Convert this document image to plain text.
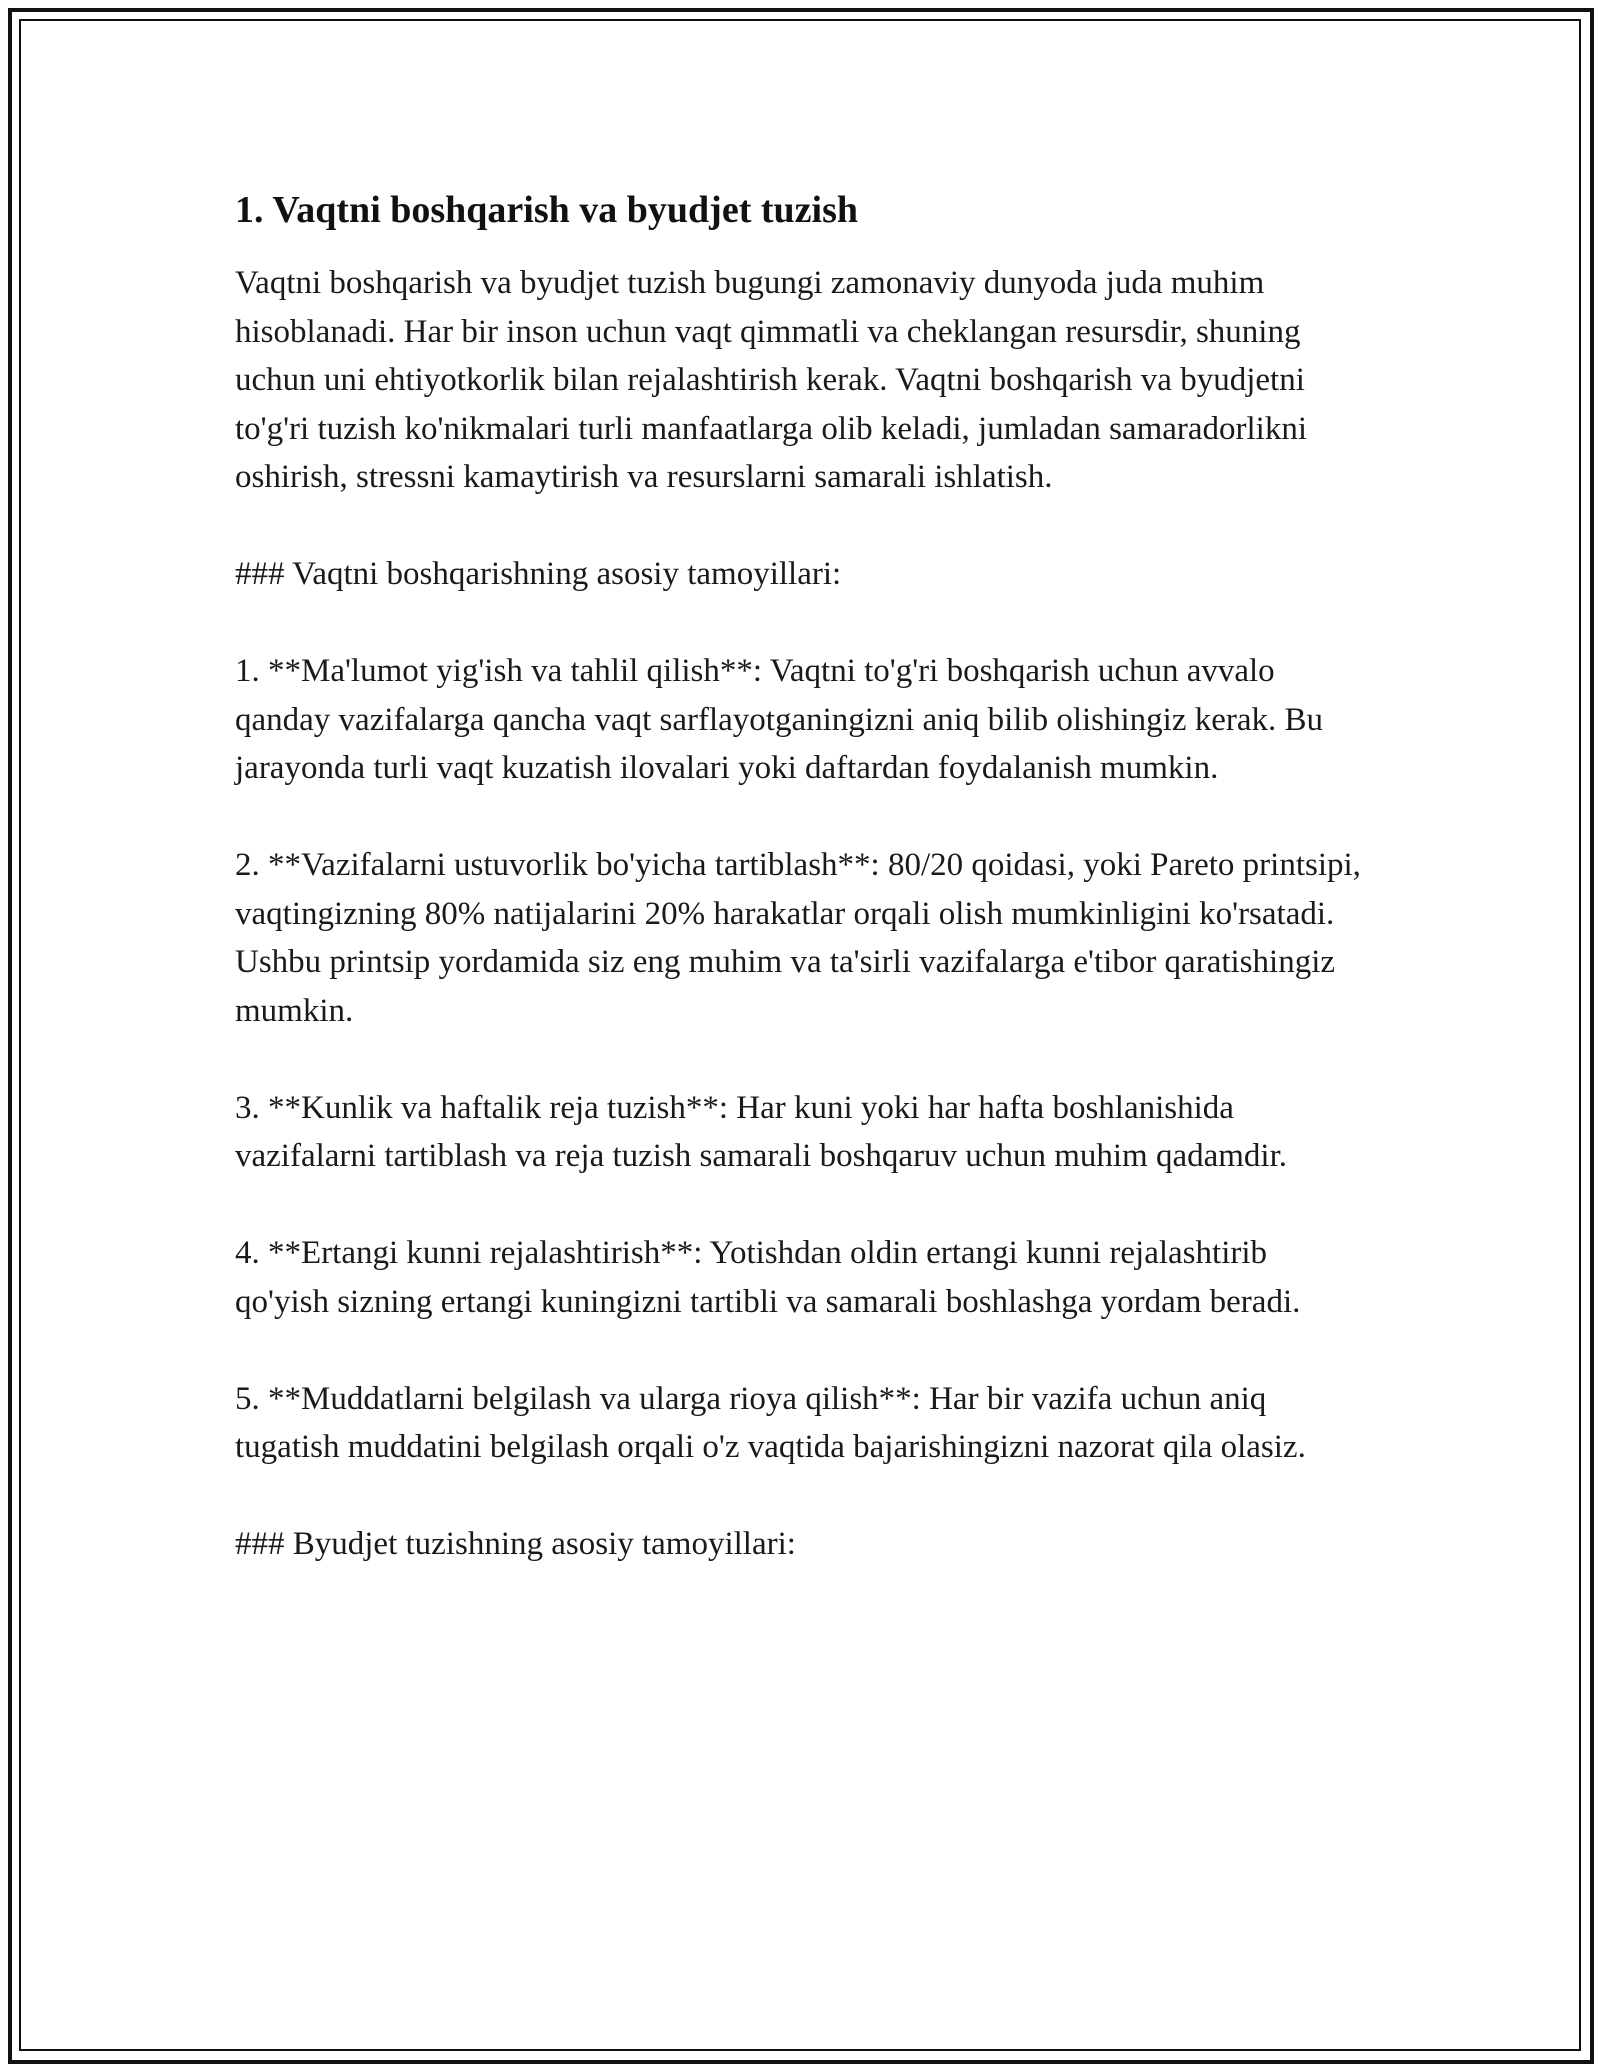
1. Vaqtni boshqarish va byudjet tuzish

Vaqtni boshqarish va byudjet tuzish bugungi zamonaviy dunyoda juda muhim hisoblanadi. Har bir inson uchun vaqt qimmatli va cheklangan resursdir, shuning uchun uni ehtiyotkorlik bilan rejalashtirish kerak. Vaqtni boshqarish va byudjetni to'g'ri tuzish ko'nikmalari turli manfaatlarga olib keladi, jumladan samaradorlikni oshirish, stressni kamaytirish va resurslarni samarali ishlatish.

### Vaqtni boshqarishning asosiy tamoyillari:

1. **Ma'lumot yig'ish va tahlil qilish**: Vaqtni to'g'ri boshqarish uchun avvalo qanday vazifalarga qancha vaqt sarflayotganingizni aniq bilib olishingiz kerak. Bu jarayonda turli vaqt kuzatish ilovalari yoki daftardan foydalanish mumkin.

2. **Vazifalarni ustuvorlik bo'yicha tartiblash**: 80/20 qoidasi, yoki Pareto printsipi, vaqtingizning 80% natijalarini 20% harakatlar orqali olish mumkinligini ko'rsatadi. Ushbu printsip yordamida siz eng muhim va ta'sirli vazifalarga e'tibor qaratishingiz mumkin.

3. **Kunlik va haftalik reja tuzish**: Har kuni yoki har hafta boshlanishida vazifalarni tartiblash va reja tuzish samarali boshqaruv uchun muhim qadamdir.

4. **Ertangi kunni rejalashtirish**: Yotishdan oldin ertangi kunni rejalashtirib qo'yish sizning ertangi kuningizni tartibli va samarali boshlashga yordam beradi.

5. **Muddatlarni belgilash va ularga rioya qilish**: Har bir vazifa uchun aniq tugatish muddatini belgilash orqali o'z vaqtida bajarishingizni nazorat qila olasiz.

### Byudjet tuzishning asosiy tamoyillari:
